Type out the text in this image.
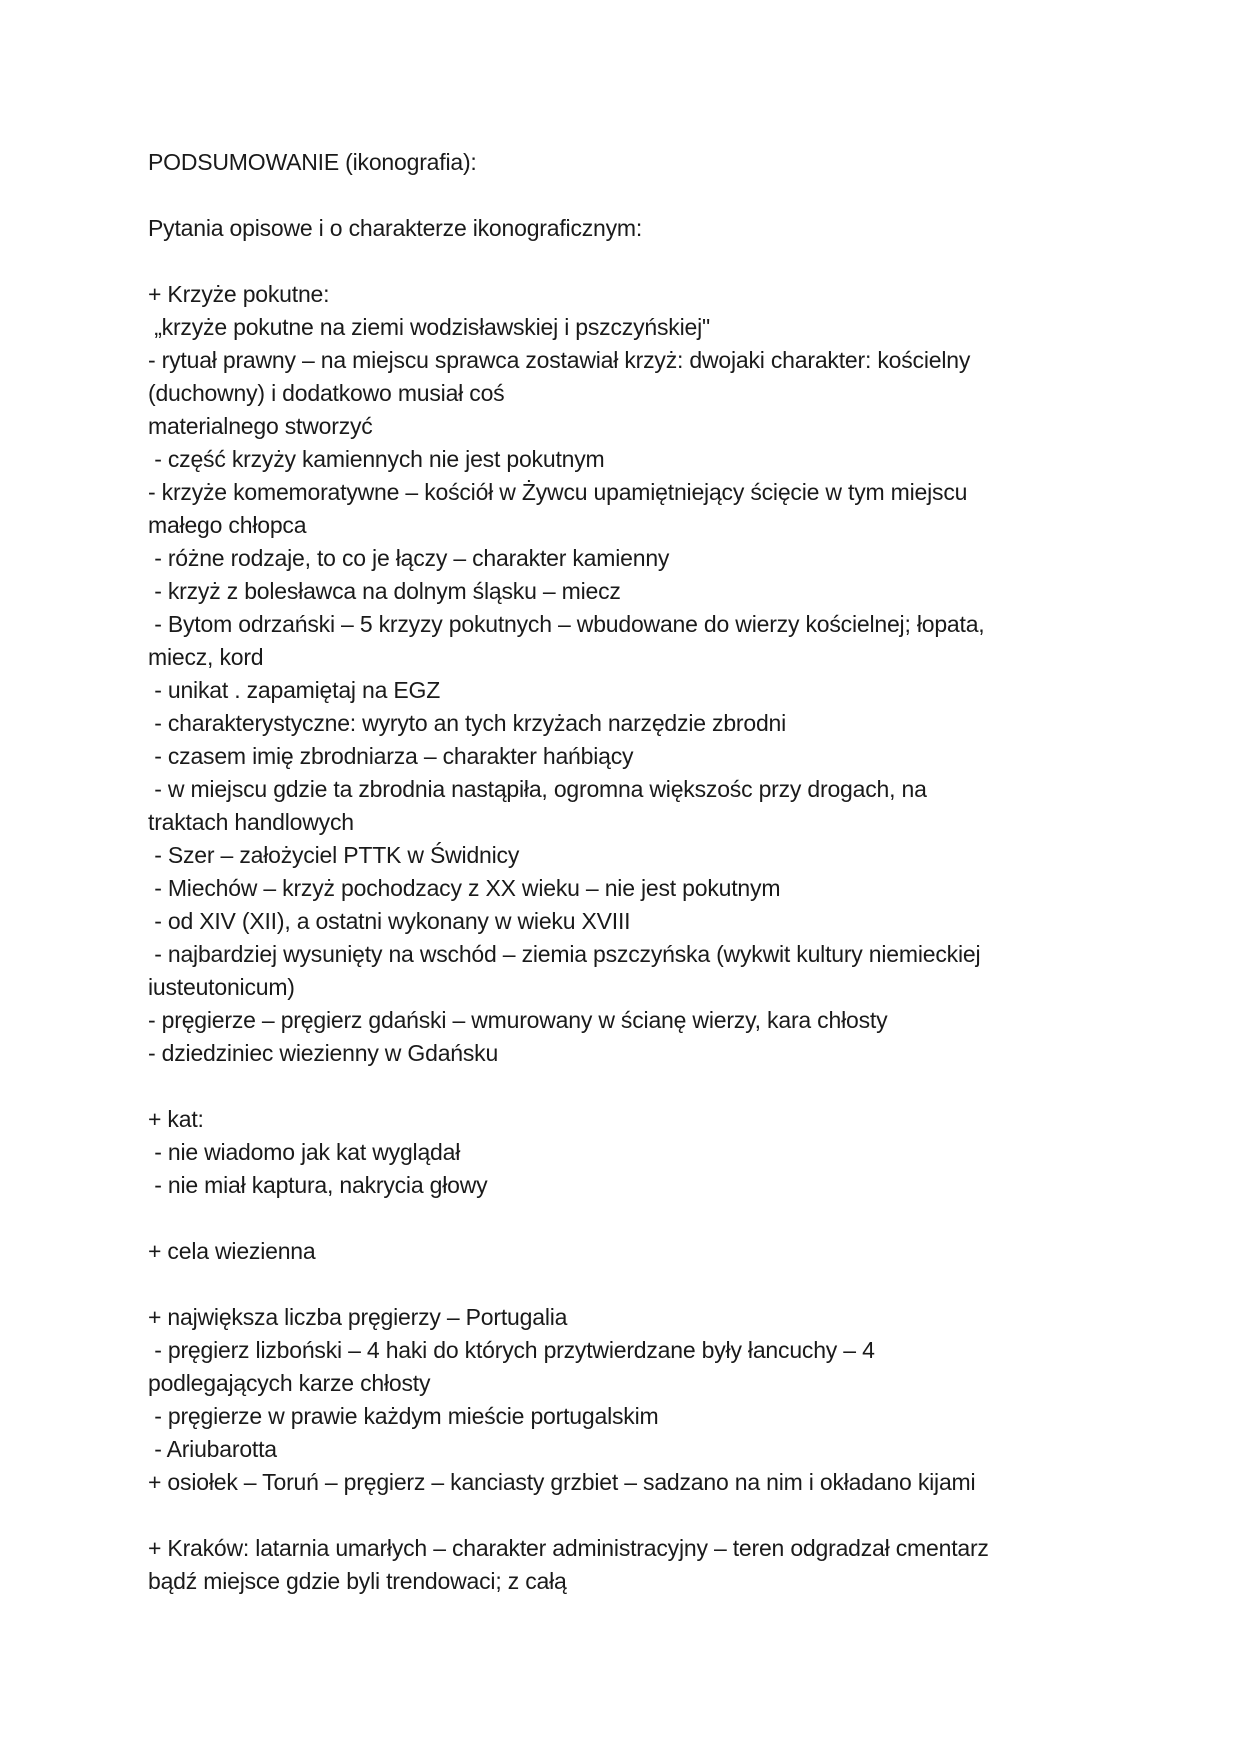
PODSUMOWANIE (ikonografia):
Pytania opisowe i o charakterze ikonograficznym:
+ Krzyże pokutne:
„krzyże pokutne na ziemi wodzisławskiej i pszczyńskiej"
- rytuał prawny – na miejscu sprawca zostawiał krzyż: dwojaki charakter: kościelny
(duchowny) i dodatkowo musiał coś
materialnego stworzyć
- część krzyży kamiennych nie jest pokutnym
- krzyże komemoratywne – kościół w Żywcu upamiętniejący ścięcie w tym miejscu
małego chłopca
- różne rodzaje, to co je łączy – charakter kamienny
- krzyż z bolesławca na dolnym śląsku – miecz
- Bytom odrzański – 5 krzyzy pokutnych – wbudowane do wierzy kościelnej; łopata,
miecz, kord
- unikat . zapamiętaj na EGZ
- charakterystyczne: wyryto an tych krzyżach narzędzie zbrodni
- czasem imię zbrodniarza – charakter hańbiący
- w miejscu gdzie ta zbrodnia nastąpiła, ogromna większośc przy drogach, na
traktach handlowych
- Szer – założyciel PTTK w Świdnicy
- Miechów – krzyż pochodzacy z XX wieku – nie jest pokutnym
- od XIV (XII), a ostatni wykonany w wieku XVIII
- najbardziej wysunięty na wschód – ziemia pszczyńska (wykwit kultury niemieckiej
iusteutonicum)
- pręgierze – pręgierz gdański – wmurowany w ścianę wierzy, kara chłosty
- dziedziniec wiezienny w Gdańsku
+ kat:
- nie wiadomo jak kat wyglądał
- nie miał kaptura, nakrycia głowy
+ cela wiezienna
+ największa liczba pręgierzy – Portugalia
- pręgierz lizboński – 4 haki do których przytwierdzane były łancuchy – 4
podlegających karze chłosty
- pręgierze w prawie każdym mieście portugalskim
- Ariubarotta
+ osiołek – Toruń – pręgierz – kanciasty grzbiet – sadzano na nim i okładano kijami
+ Kraków: latarnia umarłych – charakter administracyjny – teren odgradzał cmentarz
bądź miejsce gdzie byli trendowaci; z całą
